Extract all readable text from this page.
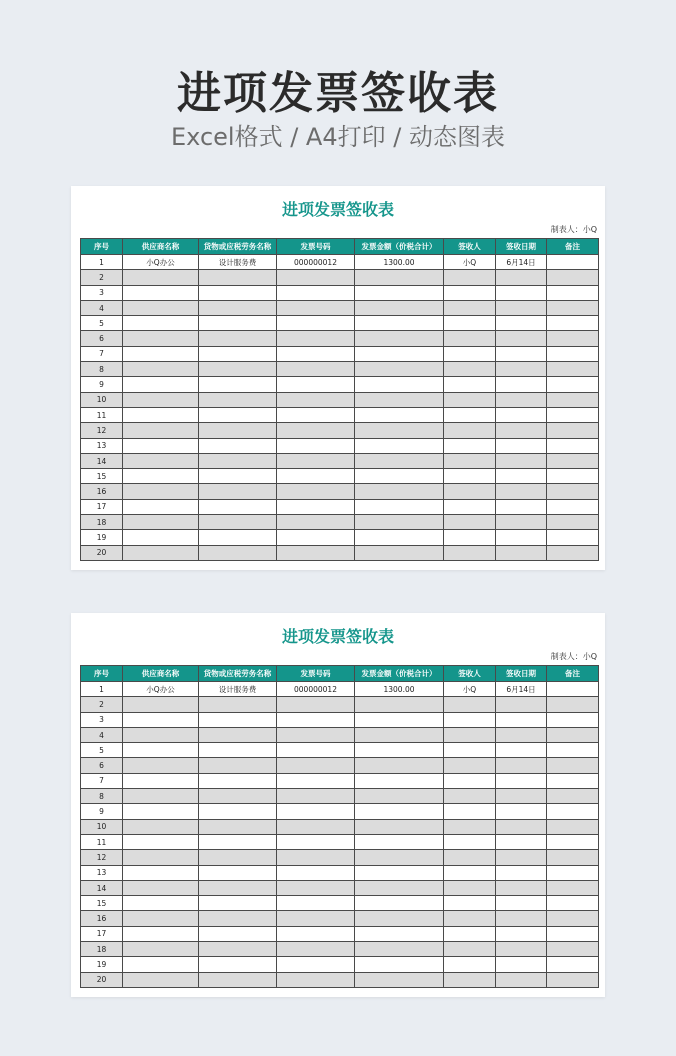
进项发票签收表
Excel格式 / A4打印 / 动态图表
进项发票签收表
制表人：小Q
序号	供应商名称	货物或应税劳务名称	发票号码	发票金额（价税合计）	签收人	签收日期	备注
1	小Q办公	设计服务费	000000012	1300.00	小Q	6月14日	
2							
3							
4							
5							
6							
7							
8							
9							
10							
11							
12							
13							
14							
15							
16							
17							
18							
19							
20							
进项发票签收表
制表人：小Q
序号	供应商名称	货物或应税劳务名称	发票号码	发票金额（价税合计）	签收人	签收日期	备注
1	小Q办公	设计服务费	000000012	1300.00	小Q	6月14日	
2							
3							
4							
5							
6							
7							
8							
9							
10							
11							
12							
13							
14							
15							
16							
17							
18							
19							
20							
